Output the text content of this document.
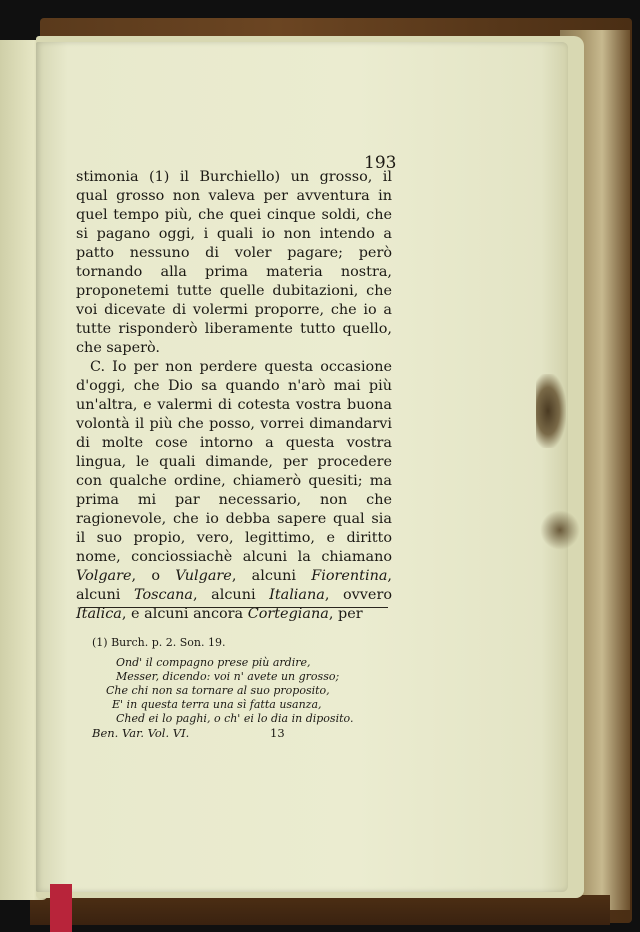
193

stimonia (1) il Burchiello) un grosso, il qual grosso non valeva per avventura in quel tempo più, che quei cinque soldi, che si pagano oggi, i quali io non intendo a patto nessuno di voler pagare; però tornando alla prima materia nostra, proponetemi tutte quelle dubitazioni, che voi dicevate di volermi proporre, che io a tutte risponderò liberamente tutto quello, che saperò.

C. Io per non perdere questa occasione d'oggi, che Dio sa quando n'arò mai più un'altra, e valermi di cotesta vostra buona volontà il più che posso, vorrei dimandarvi di molte cose intorno a questa vostra lingua, le quali dimande, per procedere con qualche ordine, chiamerò quesiti; ma prima mi par necessario, non che ragionevole, che io debba sapere qual sia il suo propio, vero, legittimo, e diritto nome, conciossiachè alcuni la chiamano Volgare, o Vulgare, alcuni Fiorentina, alcuni Toscana, alcuni Italiana, ovvero Italica, e alcuni ancora Cortegiana, per

(1) Burch. p. 2. Son. 19.
Ond' il compagno prese più ardire,
Messer, dicendo: voi n' avete un grosso;
Che chi non sa tornare al suo proposito,
E' in questa terra una sì fatta usanza,
Ched ei lo paghi, o ch' ei lo dia in diposito.
Ben. Var. Vol. VI.	13
